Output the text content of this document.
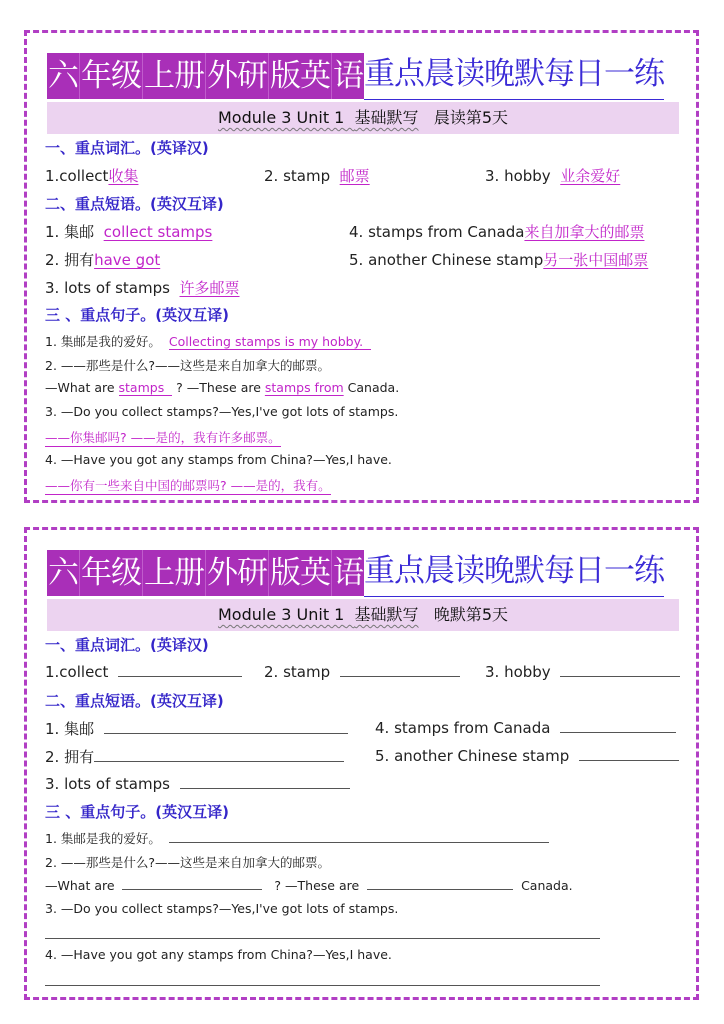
六 年级 上册 外研 版英 语 重点晨读晚默每日一练
Module 3 Unit 1 基础默写 晨读第5天
一、重点词汇。(英译汉)
1.collect收集	2. stamp 邮票	3. hobby 业余爱好
二、重点短语。(英汉互译)
1. 集邮 collect stamps
2. 拥有have got
3. lots of stamps 许多邮票
4. stamps from Canada来自加拿大的邮票
5. another Chinese stamp另一张中国邮票
三 、重点句子。(英汉互译)
1. 集邮是我的爱好。 Collecting stamps is my hobby.
2. ——那些是什么?——这些是来自加拿大的邮票。
—What are stamps ? —These are stamps from Canada.
3. —Do you collect stamps?—Yes,I've got lots of stamps.
——你集邮吗? ——是的，我有许多邮票。
4. —Have you got any stamps from China?—Yes,I have.
——你有一些来自中国的邮票吗? ——是的，我有。
六 年级 上册 外研 版英 语 重点晨读晚默每日一练
Module 3 Unit 1 基础默写 晚默第5天
一、重点词汇。(英译汉)
1.collect	2. stamp	3. hobby
二、重点短语。(英汉互译)
1. 集邮
2. 拥有
3. lots of stamps
4. stamps from Canada
5. another Chinese stamp
三 、重点句子。(英汉互译)
1. 集邮是我的爱好。
2. ——那些是什么?——这些是来自加拿大的邮票。
—What are	? —These are	Canada.
3. —Do you collect stamps?—Yes,I've got lots of stamps.
4. —Have you got any stamps from China?—Yes,I have.
